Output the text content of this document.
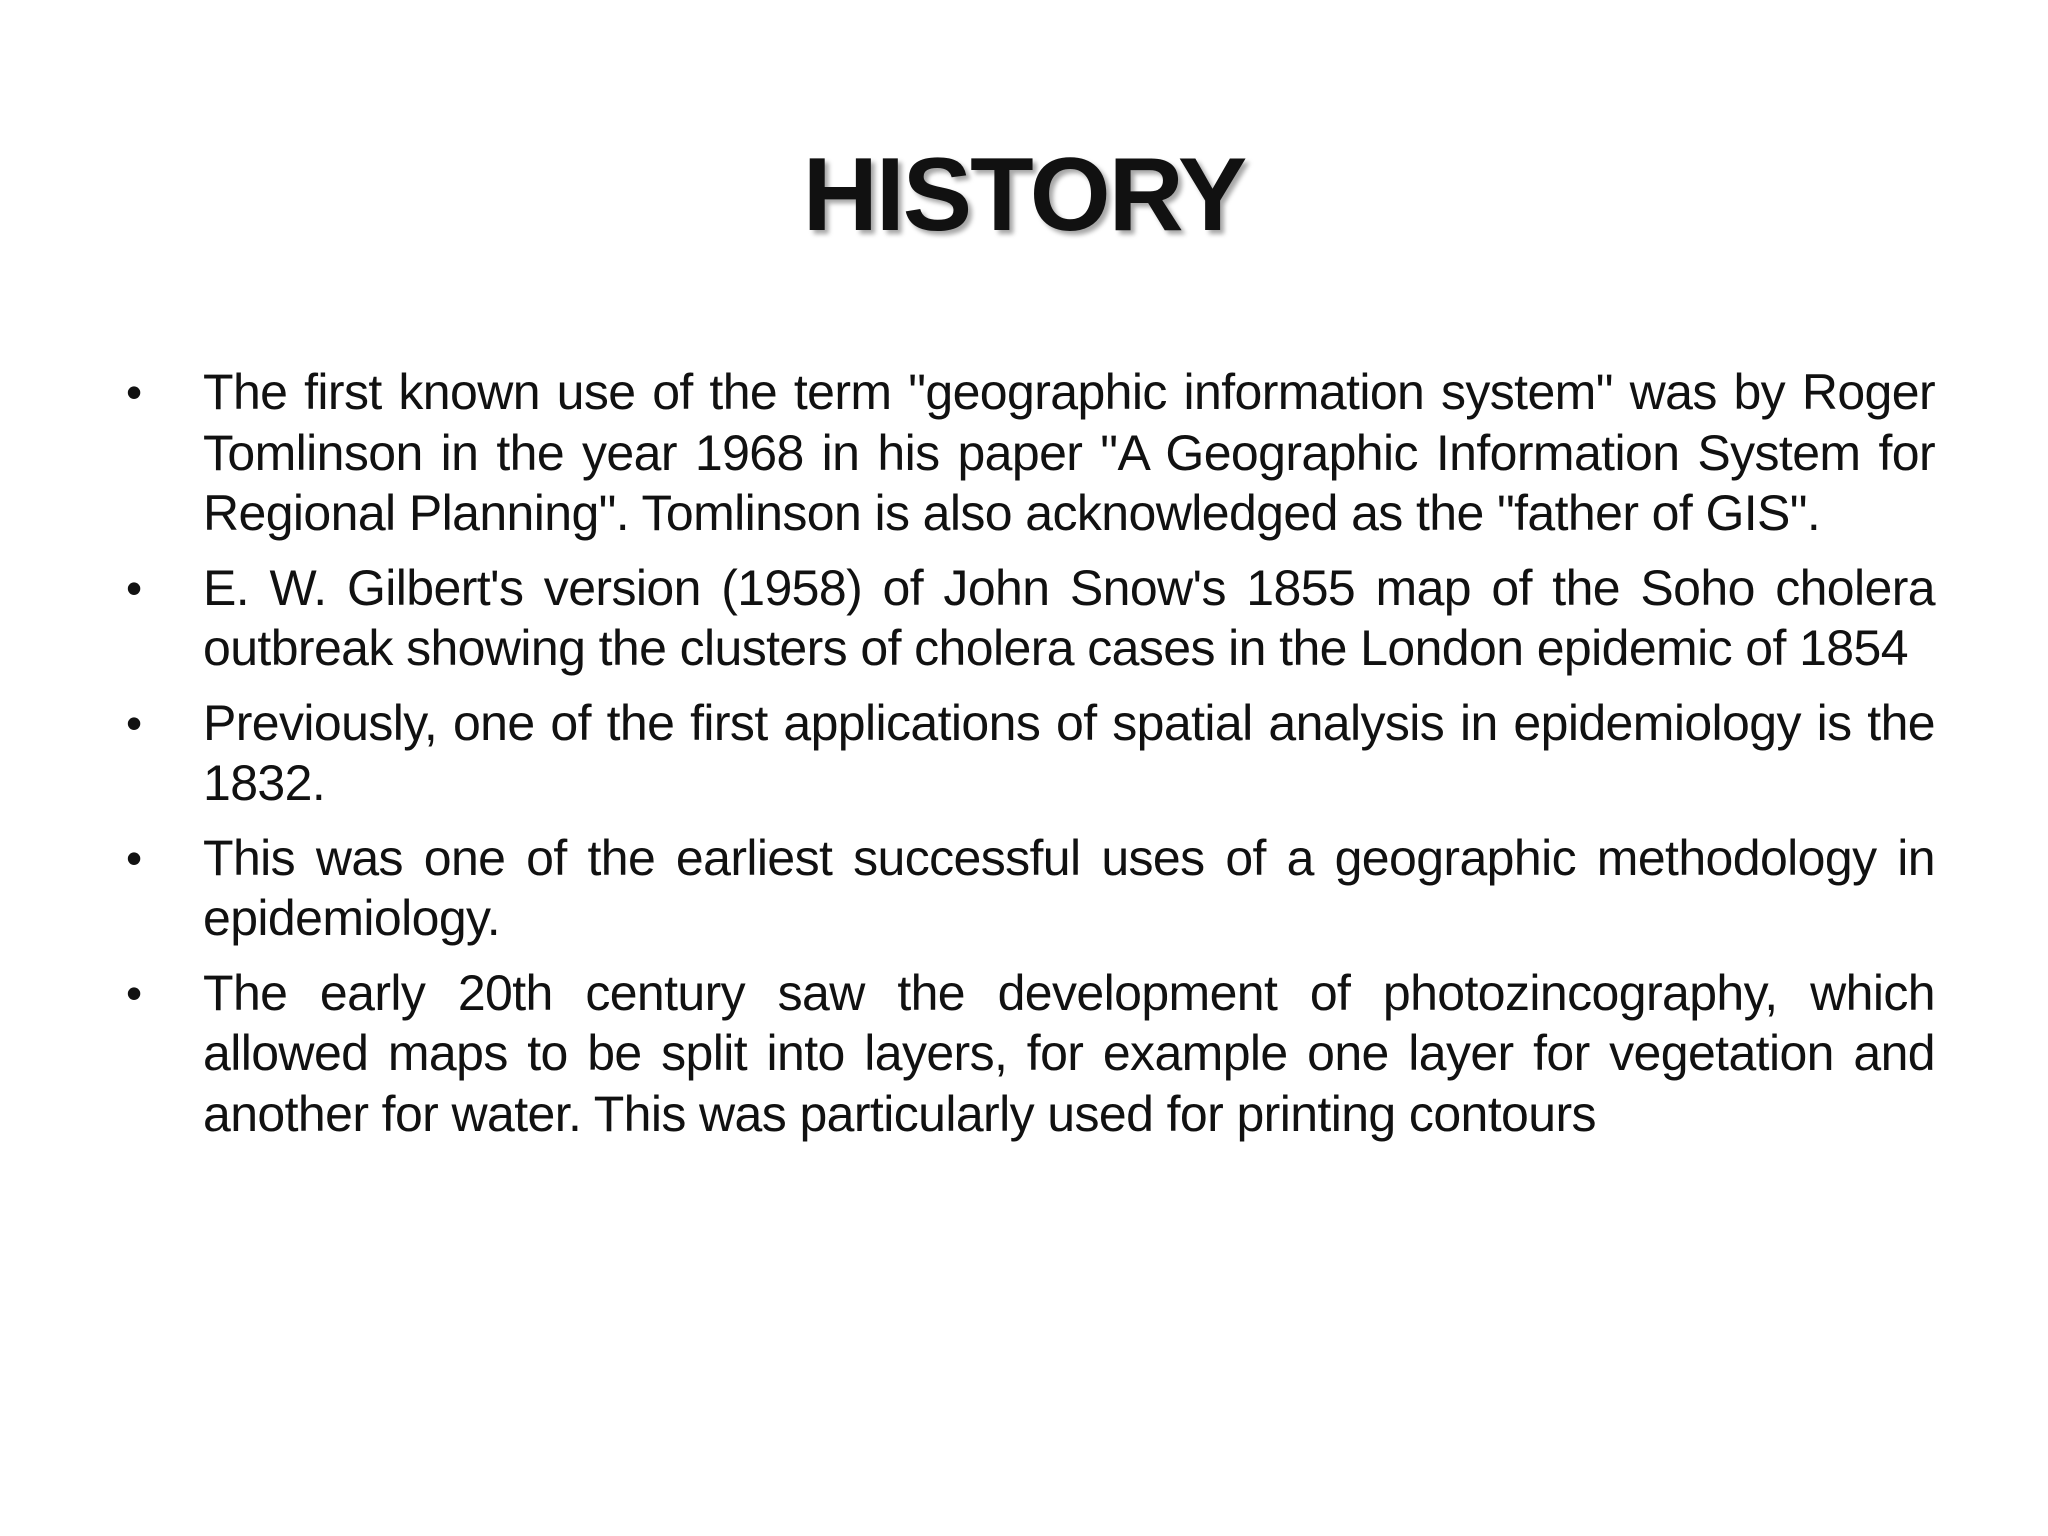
HISTORY
• The first known use of the term "geographic information system" was by Roger Tomlinson in the year 1968 in his paper "A Geographic Information System for Regional Planning". Tomlinson is also acknowledged as the "father of GIS".
• E. W. Gilbert's version (1958) of John Snow's 1855 map of the Soho cholera outbreak showing the clusters of cholera cases in the London epidemic of 1854
• Previously, one of the first applications of spatial analysis in epidemiology is the 1832.
• This was one of the earliest successful uses of a geographic methodology in epidemiology.
• The early 20th century saw the development of photozincography, which allowed maps to be split into layers, for example one layer for vegetation and another for water. This was particularly used for printing contours
